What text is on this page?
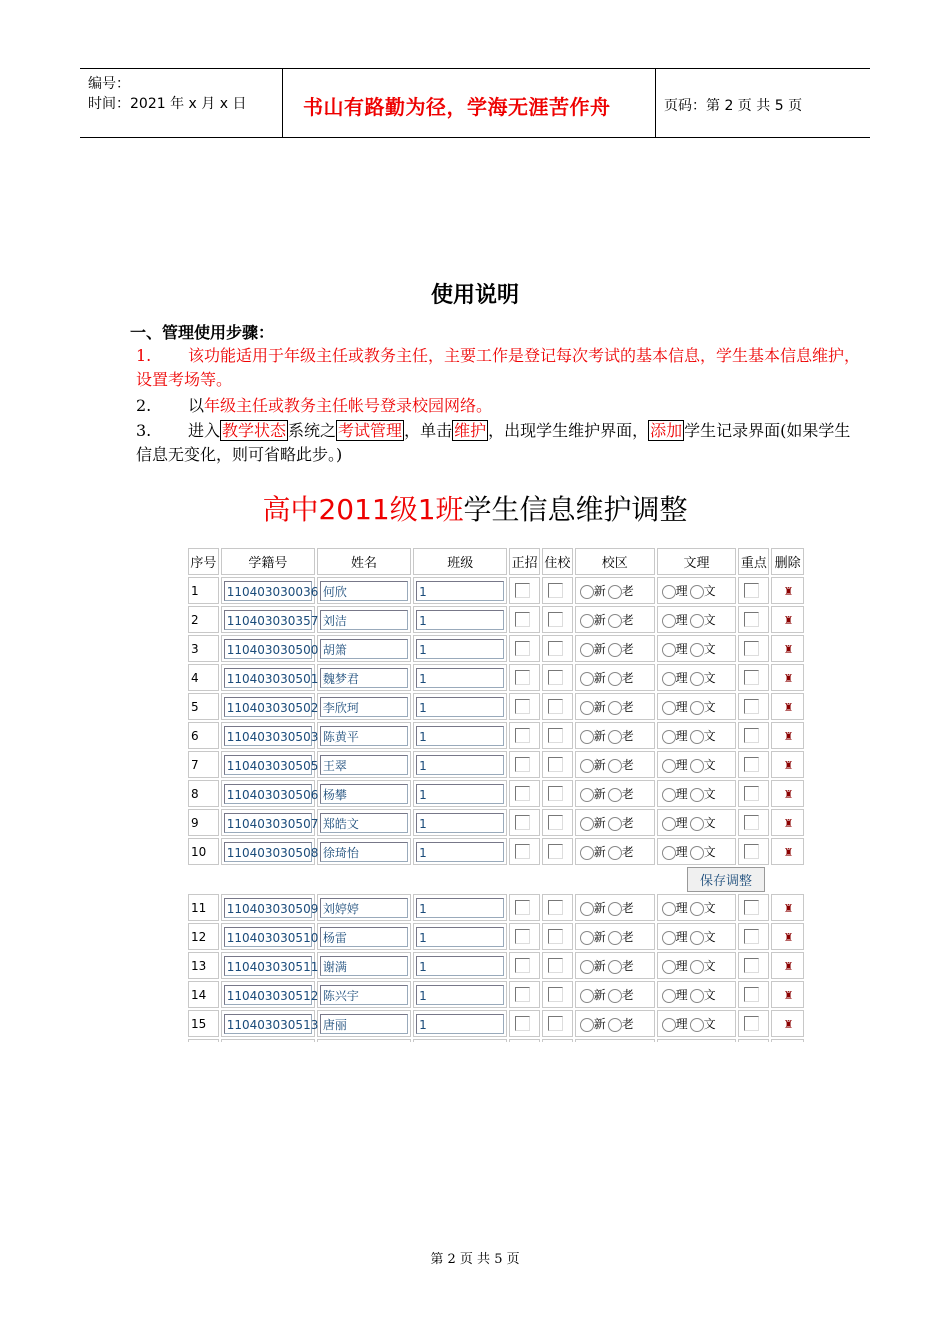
编号：
时间：2021 年 x 月 x 日	书山有路勤为径，学海无涯苦作舟	页码：第 2 页 共 5 页
使用说明
一、管理使用步骤：
1. 该功能适用于年级主任或教务主任，主要工作是登记每次考试的基本信息，学生基本信息维护，设置考场等。
2. 以年级主任或教务主任帐号登录校园网络。
3. 进入 教学状态 系统之 考试管理 ，单击 维护 ，出现学生维护界面， 添加 学生记录界面(如果学生信息无变化，则可省略此步。)
高中2011级1班学生信息维护调整
序号	学籍号	姓名	班级	正招	住校	校区	文理	重点	删除
1	110403030036	何欣	1			新 老	理 文		♜
2	110403030357	刘洁	1			新 老	理 文		♜
3	110403030500	胡箫	1			新 老	理 文		♜
4	110403030501	魏梦君	1			新 老	理 文		♜
5	110403030502	李欣珂	1			新 老	理 文		♜
6	110403030503	陈黄平	1			新 老	理 文		♜
7	110403030505	王翠	1			新 老	理 文		♜
8	110403030506	杨攀	1			新 老	理 文		♜
9	110403030507	郑皓文	1			新 老	理 文		♜
10	110403030508	徐琦怡	1			新 老	理 文		♜
保存调整									
11	110403030509	刘婷婷	1			新 老	理 文		♜
12	110403030510	杨雷	1			新 老	理 文		♜
13	110403030511	谢满	1			新 老	理 文		♜
14	110403030512	陈兴宇	1			新 老	理 文		♜
15	110403030513	唐丽	1			新 老	理 文		♜

第 2 页 共 5 页
